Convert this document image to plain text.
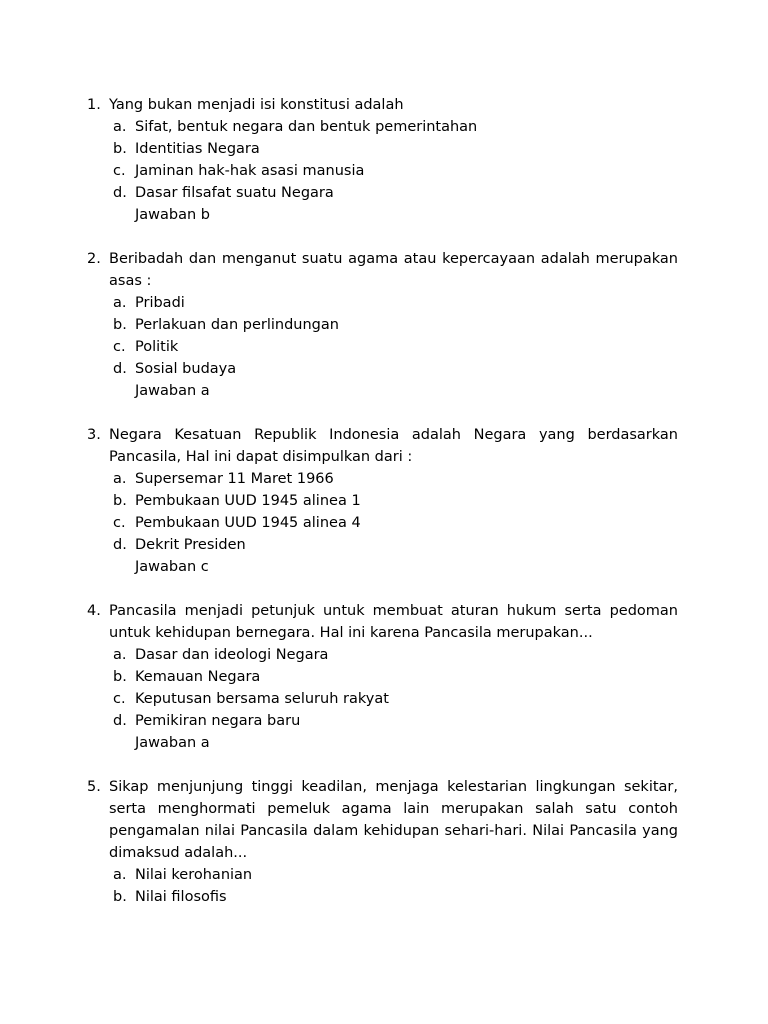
1. Yang bukan menjadi isi konstitusi adalah

a. Sifat, bentuk negara dan bentuk pemerintahan
b. Identitias Negara
c. Jaminan hak-hak asasi manusia
d. Dasar filsafat suatu Negara
Jawaban b
2. Beribadah dan menganut suatu agama atau kepercayaan adalah merupakan asas :

a. Pribadi
b. Perlakuan dan perlindungan
c. Politik
d. Sosial budaya
Jawaban a
3. Negara Kesatuan Republik Indonesia adalah Negara yang berdasarkan Pancasila, Hal ini dapat disimpulkan dari :

a. Supersemar 11 Maret 1966
b. Pembukaan UUD 1945 alinea 1
c. Pembukaan UUD 1945 alinea 4
d. Dekrit Presiden
Jawaban c
4. Pancasila menjadi petunjuk untuk membuat aturan hukum serta pedoman untuk kehidupan bernegara. Hal ini karena Pancasila merupakan...

a. Dasar dan ideologi Negara
b. Kemauan Negara
c. Keputusan bersama seluruh rakyat
d. Pemikiran negara baru
Jawaban a
5. Sikap menjunjung tinggi keadilan, menjaga kelestarian lingkungan sekitar, serta menghormati pemeluk agama lain merupakan salah satu contoh pengamalan nilai Pancasila dalam kehidupan sehari-hari. Nilai Pancasila yang dimaksud adalah...

a. Nilai kerohanian
b. Nilai filosofis
